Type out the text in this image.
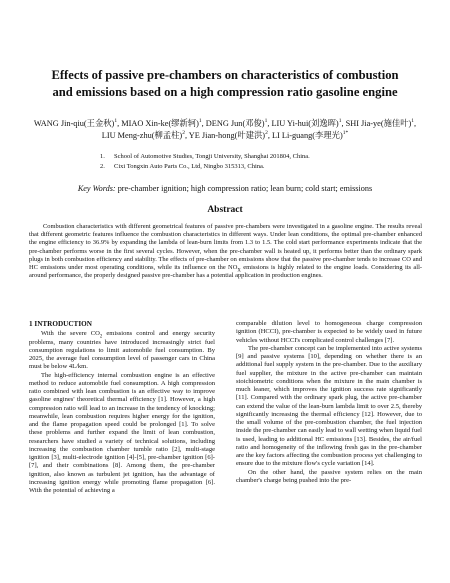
Effects of passive pre-chambers on characteristics of combustion
and emissions based on a high compression ratio gasoline engine
WANG Jin-qiu(王金秋)$^1$, MIAO Xin-ke(缪新轲)$^1$, DENG Jun(邓俊)$^1$, LIU Yi-hui(刘逸晖)$^1$, SHI Jia-ye(施佳叶)$^1$, LIU Meng-zhu(柳孟柱)$^2$, YE Jian-hong(叶建洪)$^2$, LI Li-guang(李理光)$^{1*}$
1.	School of Automotive Studies, Tongji University, Shanghai 201804, China.
2.	Cixi Tongxin Auto Parts Co., Ltd, Ningbo 315313, China.
Key Words: pre-chamber ignition; high compression ratio; lean burn; cold start; emissions
Abstract
Combustion characteristics with different geometrical features of passive pre-chambers were investigated in a gasoline engine. The results reveal that different geometric features influence the combustion characteristics in different ways. Under lean conditions, the optimal pre-chamber enhanced the engine efficiency to 36.9% by expanding the lambda of lean-burn limits from 1.3 to 1.5. The cold start performance experiments indicate that the pre-chamber performs worse in the first several cycles. However, when the pre-chamber wall is heated up, it performs better than the ordinary spark plugs in both combustion efficiency and stability. The effects of pre-chamber on emissions show that the passive pre-chamber tends to increase CO and HC emissions under most operating conditions, while its influence on the $NO_X$ emissions is highly related to the engine loads. Considering its all-around performance, the properly designed passive pre-chamber has a potential application in production engines.
1 INTRODUCTION

With the severe $CO_2$ emissions control and energy security problems, many countries have introduced increasingly strict fuel consumption regulations to limit automobile fuel consumption. By 2025, the average fuel consumption level of passenger cars in China must be below 4L/km.

The high-efficiency internal combustion engine is an effective method to reduce automobile fuel consumption. A high compression ratio combined with lean combustion is an effective way to improve gasoline engines' theoretical thermal efficiency [1]. However, a high compression ratio will lead to an increase in the tendency of knocking; meanwhile, lean combustion requires higher energy for the ignition, and the flame propagation speed could be prolonged [1]. To solve these problems and further expand the limit of lean combustion, researchers have studied a variety of technical solutions, including increasing the combustion chamber tumble ratio [2], multi-stage ignition [3], multi-electrode ignition [4]-[5], pre-chamber ignition [6]-[7], and their combinations [8]. Among them, the pre-chamber ignition, also known as turbulent jet ignition, has the advantage of increasing ignition energy while promoting flame propagation [6]. With the potential of achieving a

comparable dilution level to homogeneous charge compression ignition (HCCI), pre-chamber is expected to be widely used in future vehicles without HCCI's complicated control challenges [7].

The pre-chamber concept can be implemented into active systems [9] and passive systems [10], depending on whether there is an additional fuel supply system in the pre-chamber. Due to the auxiliary fuel supplier, the mixture in the active pre-chamber can maintain stoichiometric conditions when the mixture in the main chamber is much leaner, which improves the ignition success rate significantly [11]. Compared with the ordinary spark plug, the active pre-chamber can extend the value of the lean-burn lambda limit to over 2.5, thereby significantly increasing the thermal efficiency [12]. However, due to the small volume of the pre-combustion chamber, the fuel injection inside the pre-chamber can easily lead to wall wetting when liquid fuel is used, leading to additional HC emissions [13]. Besides, the air/fuel ratio and homogeneity of the inflowing fresh gas in the pre-chamber are the key factors affecting the combustion process yet challenging to ensure due to the mixture flow's cycle variation [14].

On the other hand, the passive system relies on the main chamber's charge being pushed into the pre-
